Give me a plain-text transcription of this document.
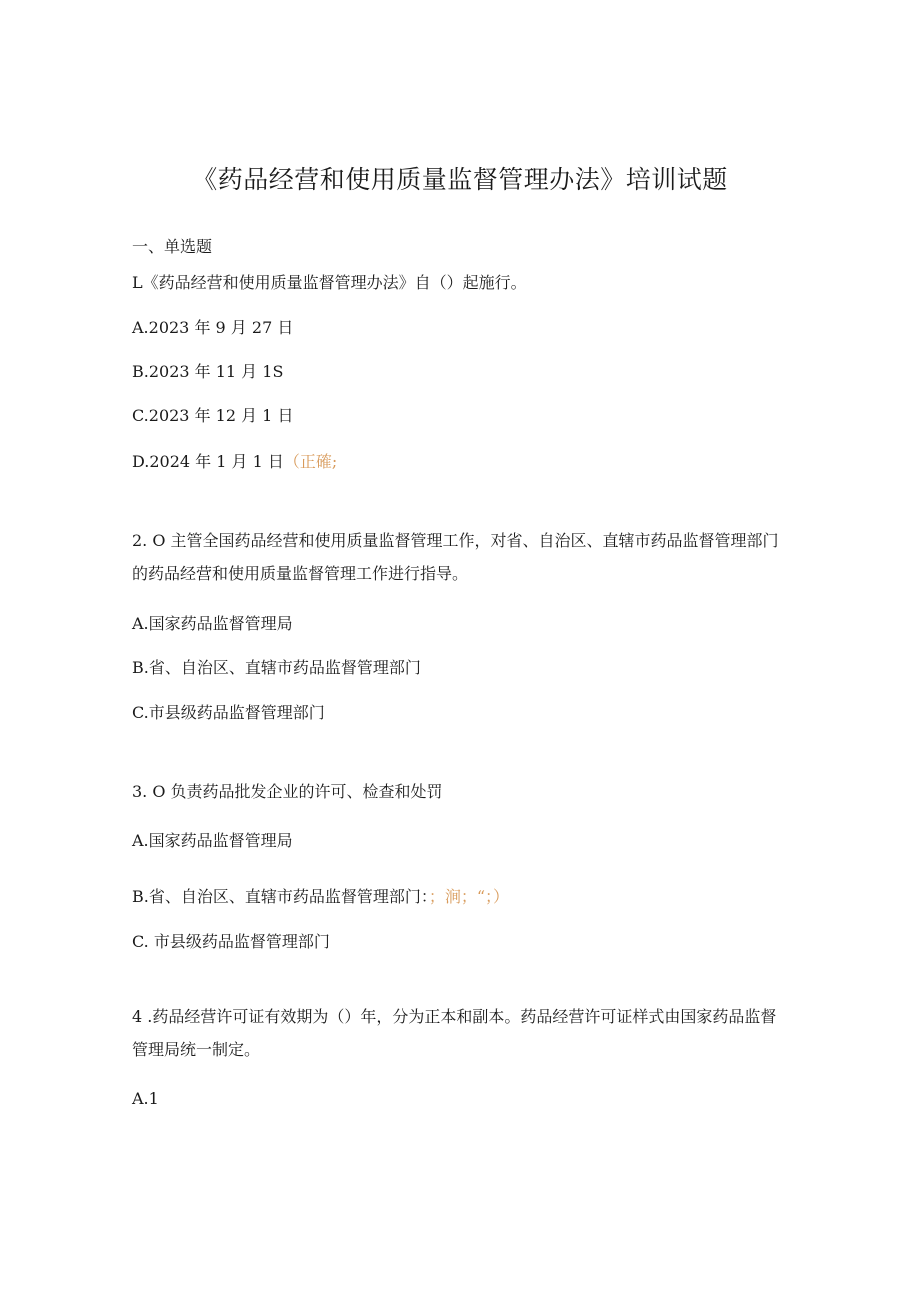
《药品经营和使用质量监督管理办法》培训试题
一、单选题
L《药品经营和使用质量监督管理办法》自（）起施行。
A.2023 年 9 月 27 日
B.2023 年 11 月 1S
C.2023 年 12 月 1 日
D.2024 年 1 月 1 日（正確;
2. O 主管全国药品经营和使用质量监督管理工作，对省、自治区、直辖市药品监督管理部门的药品经营和使用质量监督管理工作进行指导。
A.国家药品监督管理局
B.省、自治区、直辖市药品监督管理部门
C.市县级药品监督管理部门
3. O 负责药品批发企业的许可、检查和处罚
A.国家药品监督管理局
B.省、自治区、直辖市药品监督管理部门：；涧；“；）
C. 市县级药品监督管理部门
4 .药品经营许可证有效期为（）年，分为正本和副本。药品经营许可证样式由国家药品监督管理局统一制定。
A.1
